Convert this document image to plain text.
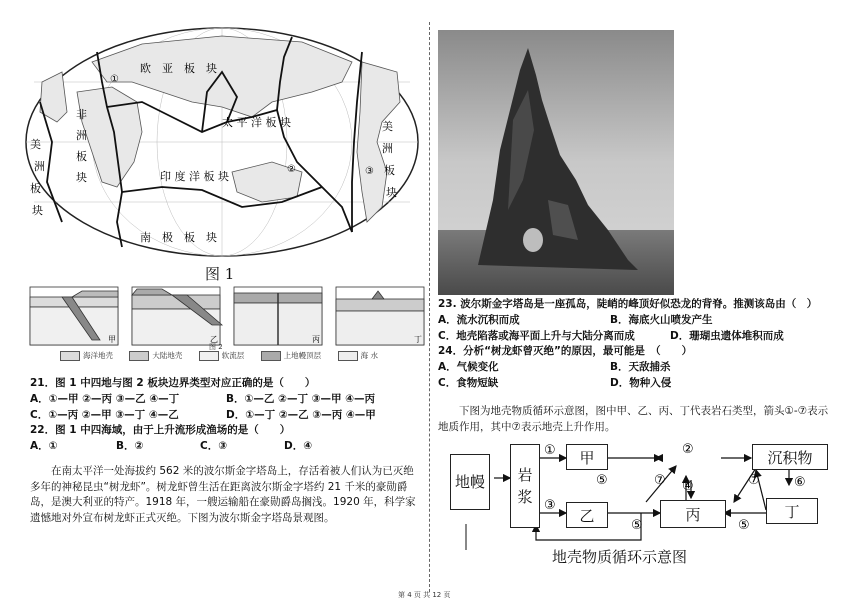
欧　亚　板　块
太 平 洋 板 块
印 度 洋 板 块
南　极　板　块
非
洲
板
块
美
洲
板
块
美
洲
板
块
①
②	③
图 1
甲	乙	丙	丁
海洋地壳	大陆地壳	软流层	上地幔顶层	海 水
图 2
21．图 1 中四地与图 2 板块边界类型对应正确的是（　　）
A．①—甲 ②—丙 ③—乙 ④—丁	B．①—乙 ②—丁 ③—甲 ④—丙
C．①—丙 ②—甲 ③—丁 ④—乙	D．①—丁 ②—乙 ③—丙 ④—甲
22．图 1 中四海域，由于上升流形成渔场的是（　　）
A．①	B．②	C．③	D．④
在南太平洋一处海拔约 562 米的波尔斯金字塔岛上，存活着被人们认为已灭绝多年的神秘昆虫“树龙虾”。树龙虾曾生活在距离波尔斯金字塔约 21 千米的豪勋爵岛，是澳大利亚的特产。1918 年，一艘运输船在豪勋爵岛搁浅。1920 年，科学家遗憾地对外宣布树龙虾正式灭绝。下图为波尔斯金字塔岛景观图。
23. 波尔斯金字塔岛是一座孤岛，陡峭的峰顶好似恐龙的背脊。推测该岛由（　）
A．流水沉积而成	B．海底火山喷发产生
C．地壳陷落或海平面上升与大陆分离而成	D．珊瑚虫遗体堆积而成
24．分析“树龙虾曾灭绝”的原因，最可能是　（　　）
A．气候变化	B．天敌捕杀
C．食物短缺	D．物种入侵
下图为地壳物质循环示意图，图中甲、乙、丙、丁代表岩石类型，箭头①-⑦表示地质作用，其中⑦表示地壳上升作用。
①	②
③
④
⑤
⑤	⑤
⑥
⑦	⑦
地幔 岩浆
甲
乙	丙
沉积物
丁
地壳物质循环示意图
第 4 页 共 12 页
